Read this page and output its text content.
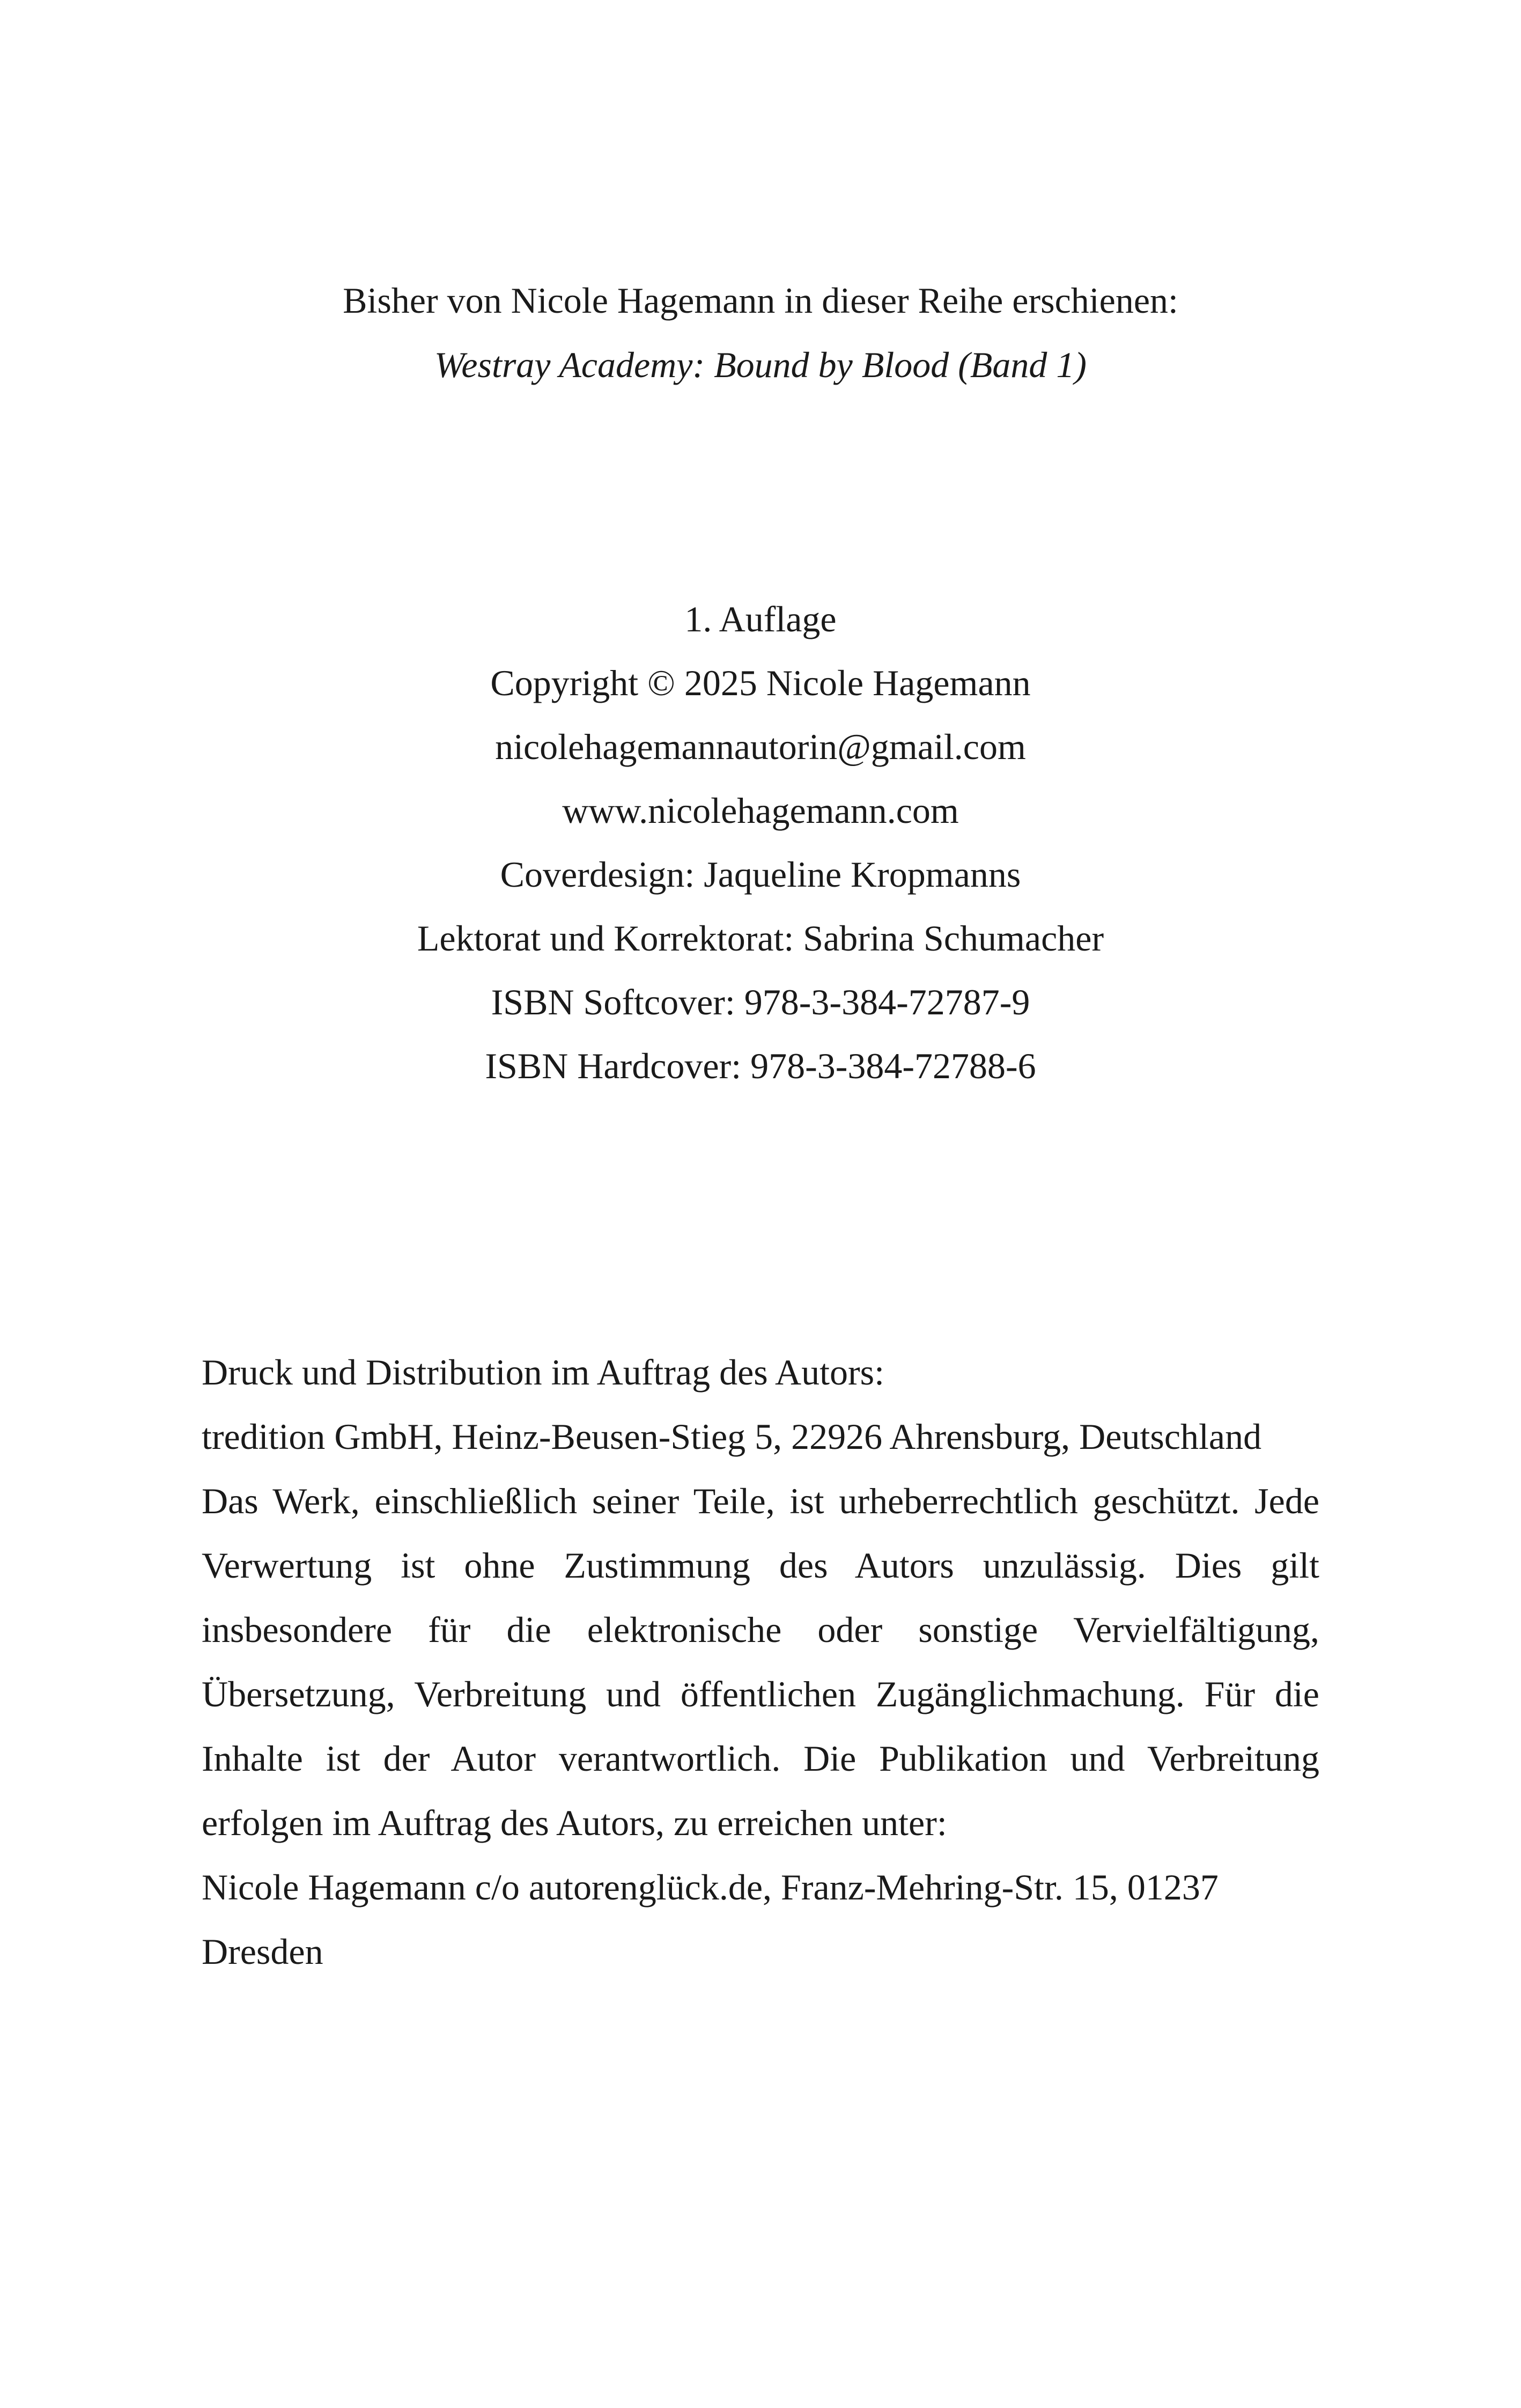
Bisher von Nicole Hagemann in dieser Reihe erschienen:
Westray Academy: Bound by Blood (Band 1)
1. Auflage
Copyright © 2025 Nicole Hagemann
nicolehagemannautorin@gmail.com
www.nicolehagemann.com
Coverdesign: Jaqueline Kropmanns
Lektorat und Korrektorat: Sabrina Schumacher
ISBN Softcover: 978-3-384-72787-9
ISBN Hardcover: 978-3-384-72788-6
Druck und Distribution im Auftrag des Autors:
tredition GmbH, Heinz-Beusen-Stieg 5, 22926 Ahrensburg, Deutschland
Das Werk, einschließlich seiner Teile, ist urheberrechtlich geschützt. Jede Verwertung ist ohne Zustimmung des Autors unzulässig. Dies gilt insbesondere für die elektronische oder sonstige Vervielfältigung, Übersetzung, Verbreitung und öffentlichen Zugänglichmachung. Für die Inhalte ist der Autor verantwortlich. Die Publikation und Verbreitung erfolgen im Auftrag des Autors, zu erreichen unter:
Nicole Hagemann c/o autorenglück.de, Franz-Mehring-Str. 15, 01237 Dresden
